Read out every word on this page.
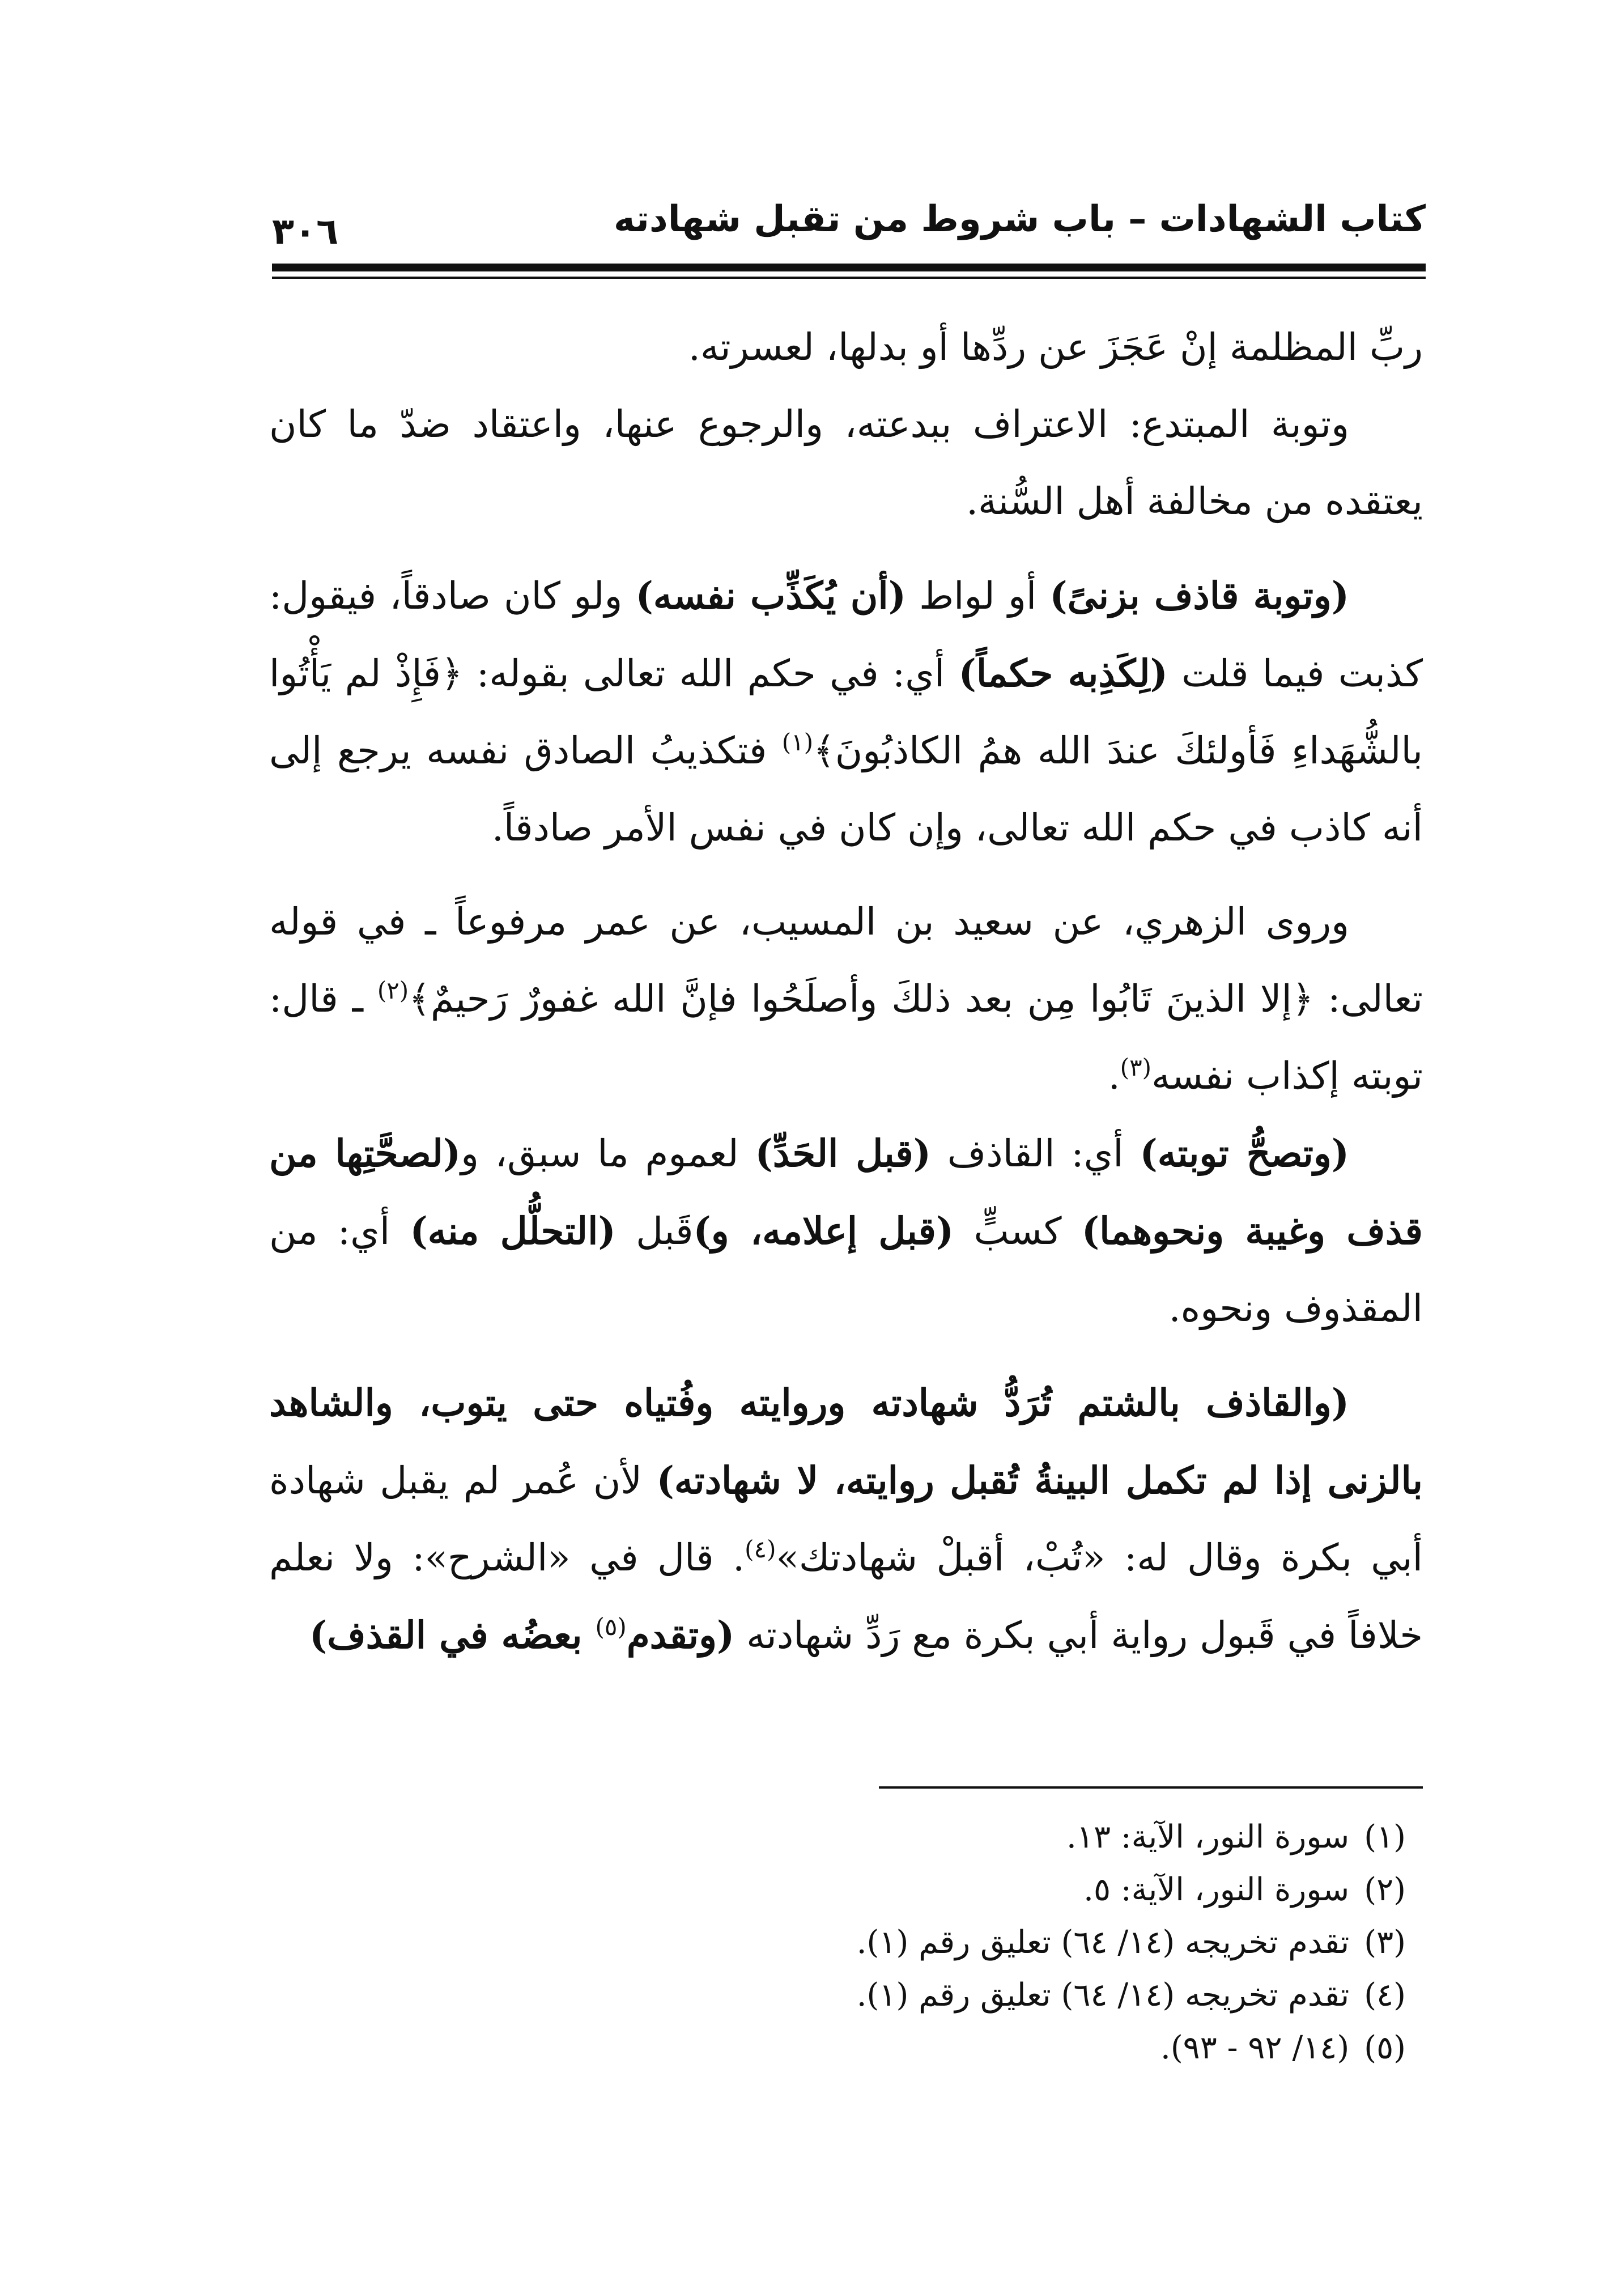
كتاب الشهادات – باب شروط من تقبل شهادته
٣٠٦

ربِّ المظلمة إنْ عَجَزَ عن ردِّها أو بدلها، لعسرته.

وتوبة المبتدع: الاعتراف ببدعته، والرجوع عنها، واعتقاد ضدّ ما كان يعتقده من مخالفة أهل السُّنة.

(وتوبة قاذف بزنىً) أو لواط (أن يُكَذِّب نفسه) ولو كان صادقاً، فيقول: كذبت فيما قلت (لِكَذِبه حكماً) أي: في حكم الله تعالى بقوله: ﴿فَإِذْ لم يَأْتُوا بالشُّهَداءِ فَأولئكَ عندَ الله همُ الكاذبُونَ﴾$^{(١)}$ فتكذيبُ الصادق نفسه يرجع إلى أنه كاذب في حكم الله تعالى، وإن كان في نفس الأمر صادقاً.

وروى الزهري، عن سعيد بن المسيب، عن عمر مرفوعاً ـ في قوله تعالى: ﴿إلا الذينَ تَابُوا مِن بعد ذلكَ وأصلَحُوا فإنَّ الله غفورٌ رَحيمٌ﴾$^{(٢)}$ ـ قال: توبته إكذاب نفسه$^{(٣)}$.

(وتصحُّ توبته) أي: القاذف (قبل الحَدِّ) لعموم ما سبق، و(لصحَّتِها من قذف وغيبة ونحوهما) كسبٍّ (قبل إعلامه، و)قَبل (التحلُّل منه) أي: من المقذوف ونحوه.

(والقاذف بالشتم تُرَدُّ شهادته وروايته وفُتياه حتى يتوب، والشاهد بالزنى إذا لم تكمل البينةُ تُقبل روايته، لا شهادته) لأن عُمر لم يقبل شهادة أبي بكرة وقال له: «تُبْ، أقبلْ شهادتك»$^{(٤)}$. قال في «الشرح»: ولا نعلم خلافاً في قَبول رواية أبي بكرة مع رَدِّ شهادته (وتقدم$^{(٥)}$ بعضُه في القذف)

(١)سورة النور، الآية: ١٣.

(٢)سورة النور، الآية: ٥.

(٣)تقدم تخريجه (١٤/ ٦٤) تعليق رقم (١).

(٤)تقدم تخريجه (١٤/ ٦٤) تعليق رقم (١).

(٥)(١٤/ ٩٢ - ٩٣).
